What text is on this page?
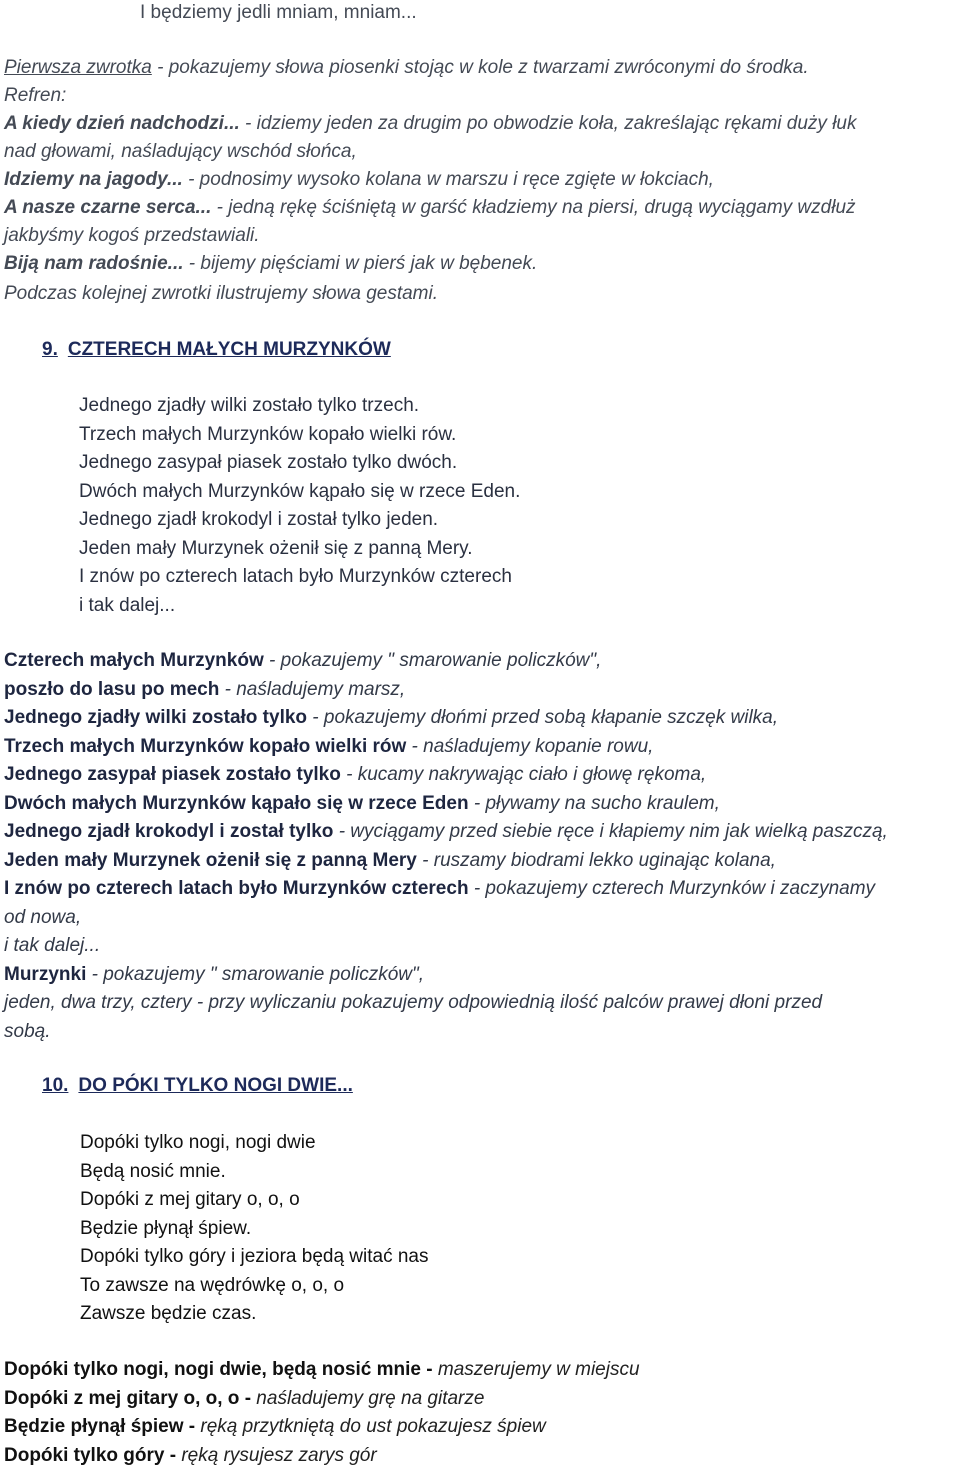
I będziemy jedli mniam, mniam...
Pierwsza zwrotka - pokazujemy słowa piosenki stojąc w kole z twarzami zwróconymi do środka.
Refren:
A kiedy dzień nadchodzi... - idziemy jeden za drugim po obwodzie koła, zakreślając rękami duży łuk
nad głowami, naśladujący wschód słońca,
Idziemy na jagody... - podnosimy wysoko kolana w marszu i ręce zgięte w łokciach,
A nasze czarne serca... - jedną rękę ściśniętą w garść kładziemy na piersi, drugą wyciągamy wzdłuż
jakbyśmy kogoś przedstawiali.
Biją nam radośnie... - bijemy pięściami w pierś jak w bębenek.
Podczas kolejnej zwrotki ilustrujemy słowa gestami.
9. CZTERECH MAŁYCH MURZYNKÓW
Jednego zjadły wilki zostało tylko trzech.
Trzech małych Murzynków kopało wielki rów.
Jednego zasypał piasek zostało tylko dwóch.
Dwóch małych Murzynków kąpało się w rzece Eden.
Jednego zjadł krokodyl i został tylko jeden.
Jeden mały Murzynek ożenił się z panną Mery.
I znów po czterech latach było Murzynków czterech
i tak dalej...
Czterech małych Murzynków - pokazujemy " smarowanie policzków",
poszło do lasu po mech - naśladujemy marsz,
Jednego zjadły wilki zostało tylko - pokazujemy dłońmi przed sobą kłapanie szczęk wilka,
Trzech małych Murzynków kopało wielki rów - naśladujemy kopanie rowu,
Jednego zasypał piasek zostało tylko - kucamy nakrywając ciało i głowę rękoma,
Dwóch małych Murzynków kąpało się w rzece Eden - pływamy na sucho kraulem,
Jednego zjadł krokodyl i został tylko - wyciągamy przed siebie ręce i kłapiemy nim jak wielką paszczą,
Jeden mały Murzynek ożenił się z panną Mery - ruszamy biodrami lekko uginając kolana,
I znów po czterech latach było Murzynków czterech - pokazujemy czterech Murzynków i zaczynamy
od nowa,
i tak dalej...
Murzynki - pokazujemy " smarowanie policzków",
jeden, dwa trzy, cztery - przy wyliczaniu pokazujemy odpowiednią ilość palców prawej dłoni przed
sobą.
10. DO PÓKI TYLKO NOGI DWIE...
Dopóki tylko nogi, nogi dwie
Będą nosić mnie.
Dopóki z mej gitary o, o, o
Będzie płynął śpiew.
Dopóki tylko góry i jeziora będą witać nas
To zawsze na wędrówkę o, o, o
Zawsze będzie czas.
Dopóki tylko nogi, nogi dwie, będą nosić mnie - maszerujemy w miejscu
Dopóki z mej gitary o, o, o - naśladujemy grę na gitarze
Będzie płynął śpiew - ręką przytkniętą do ust pokazujesz śpiew
Dopóki tylko góry - ręką rysujesz zarys gór
